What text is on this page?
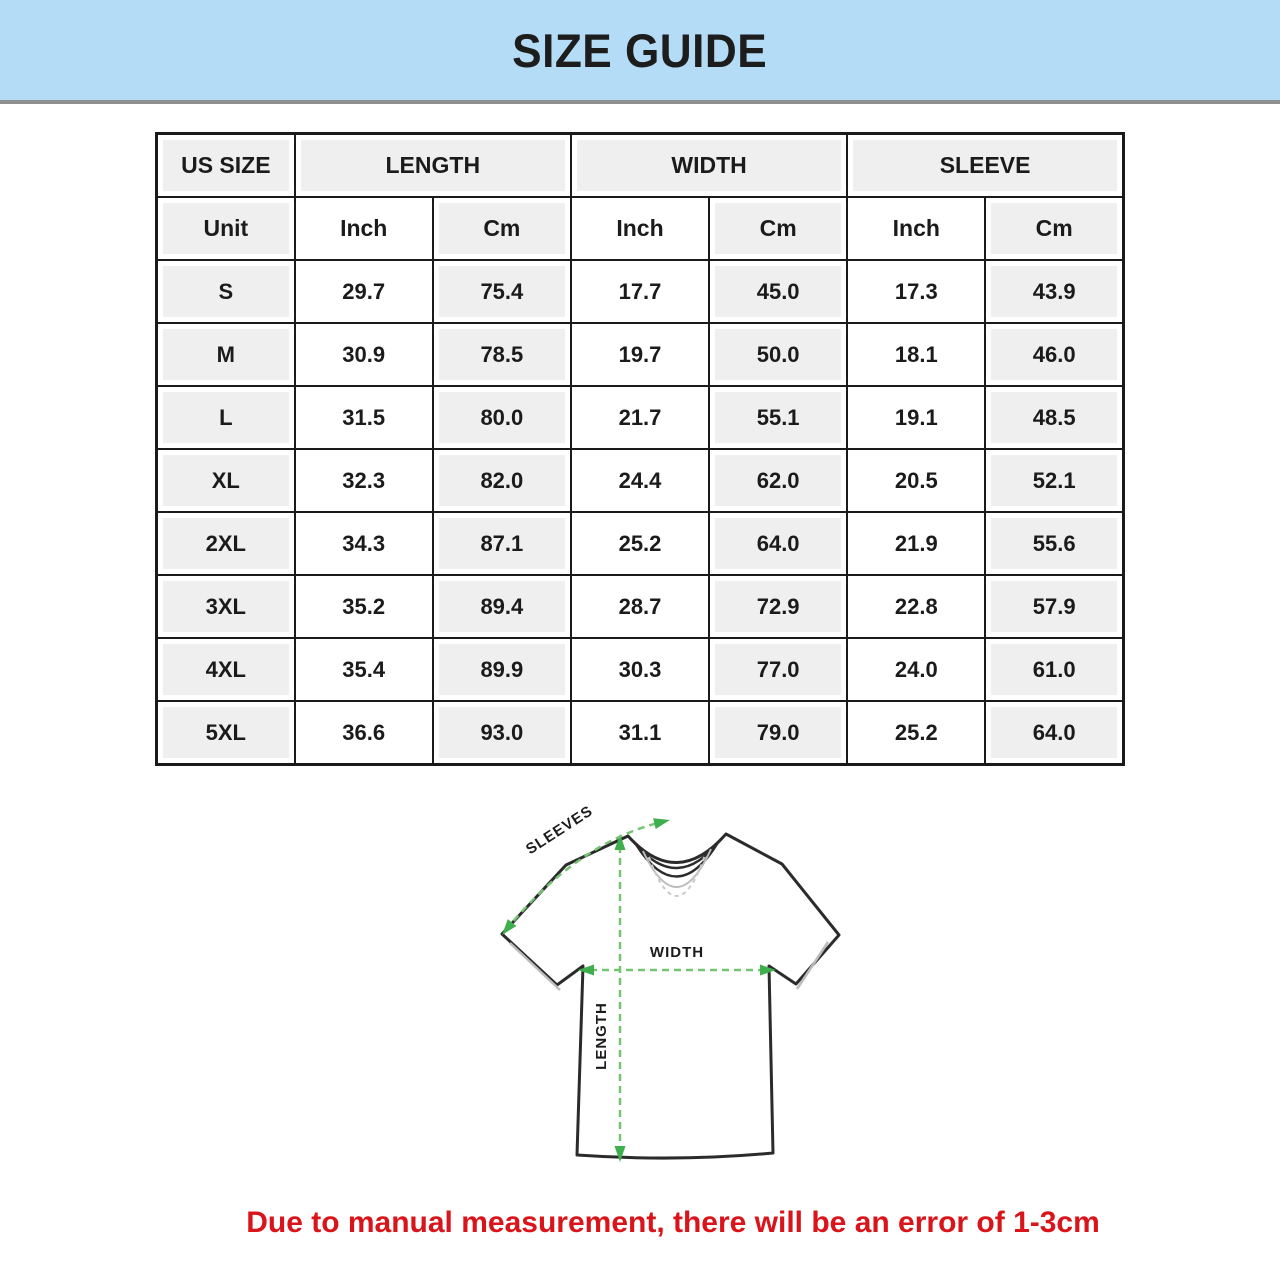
SIZE GUIDE
US SIZE	LENGTH		WIDTH		SLEEVE	
Unit	Inch	Cm	Inch	Cm	Inch	Cm
S	29.7	75.4	17.7	45.0	17.3	43.9
M	30.9	78.5	19.7	50.0	18.1	46.0
L	31.5	80.0	21.7	55.1	19.1	48.5
XL	32.3	82.0	24.4	62.0	20.5	52.1
2XL	34.3	87.1	25.2	64.0	21.9	55.6
3XL	35.2	89.4	28.7	72.9	22.8	57.9
4XL	35.4	89.9	30.3	77.0	24.0	61.0
5XL	36.6	93.0	31.1	79.0	25.2	64.0
LENGTH
WIDTH
SLEEVES

Due to manual measurement, there will be an error of 1-3cm
